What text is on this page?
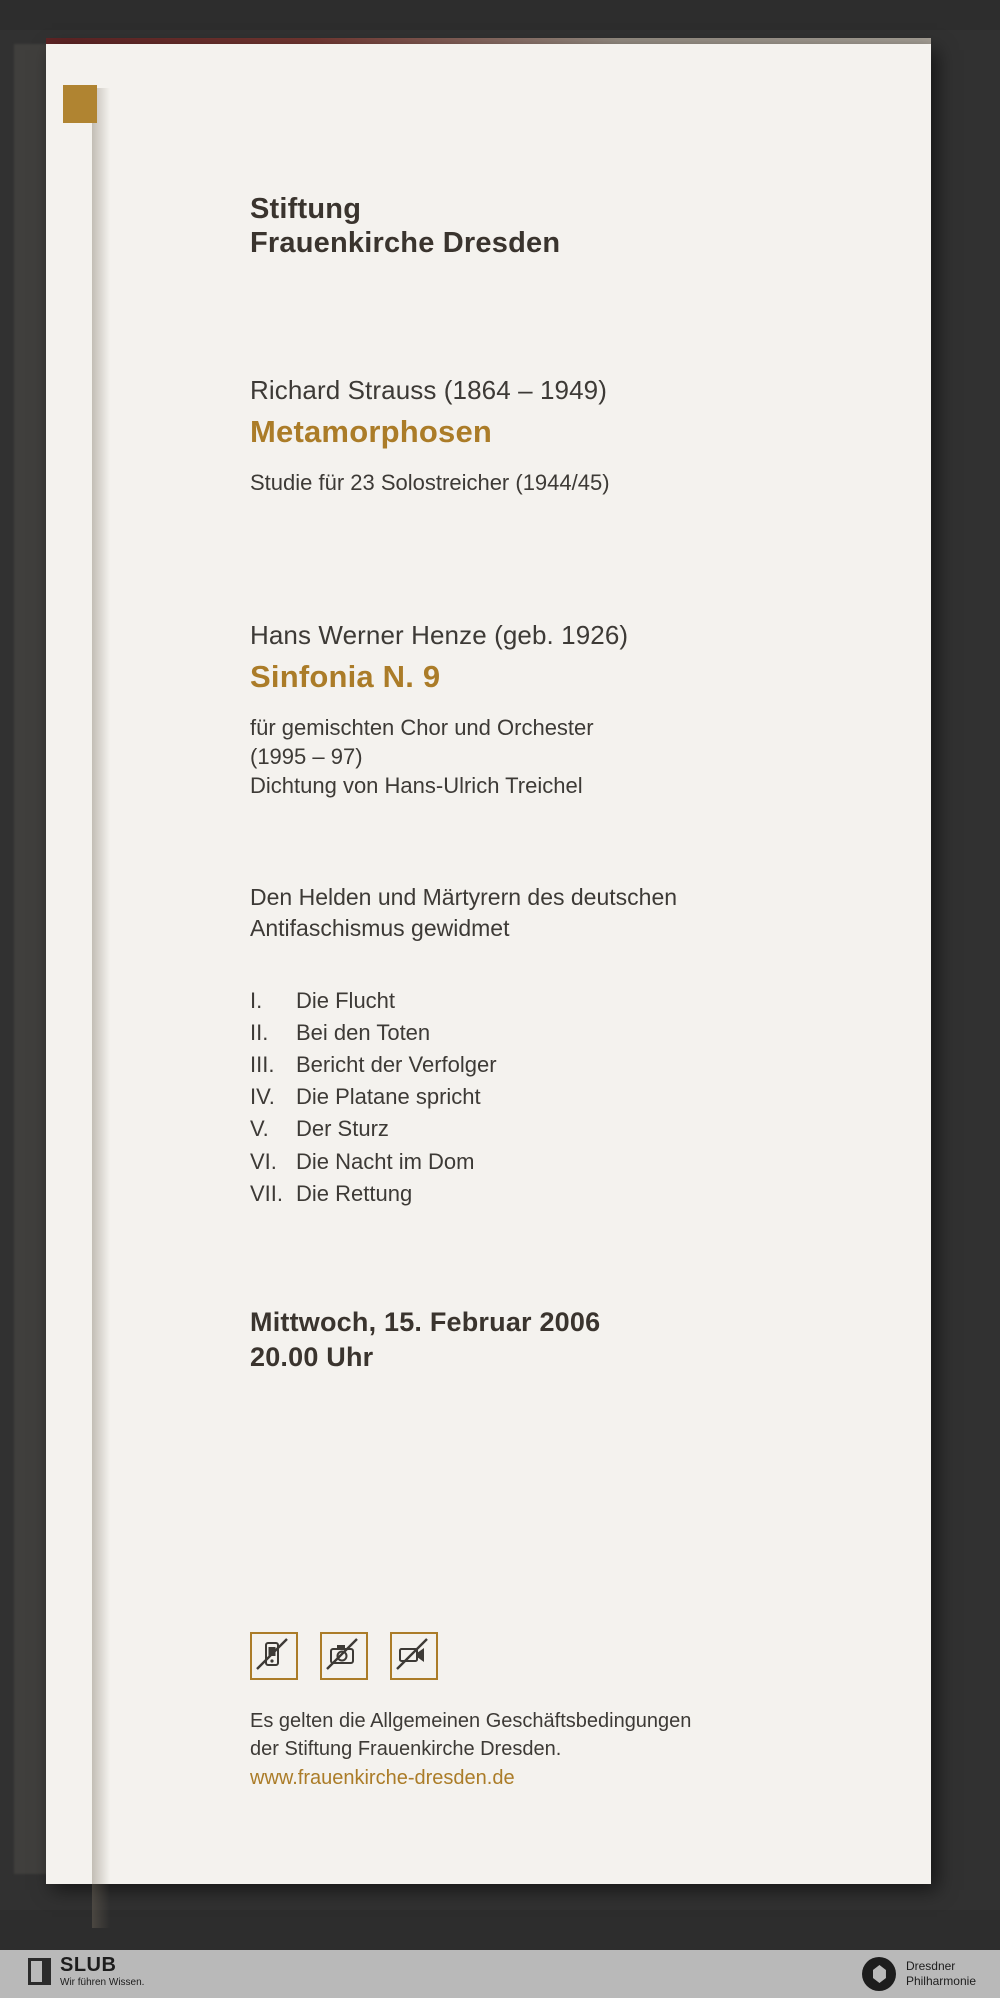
Stiftung
Frauenkirche Dresden
Richard Strauss (1864 – 1949)
Metamorphosen
Studie für 23 Solostreicher (1944/45)
Hans Werner Henze (geb. 1926)
Sinfonia N. 9
für gemischten Chor und Orchester
(1995 – 97)
Dichtung von Hans-Ulrich Treichel
Den Helden und Märtyrern des deutschen
Antifaschismus gewidmet
I.	Die Flucht
II.	Bei den Toten
III. Bericht der Verfolger
IV. Die Platane spricht
V.	Der Sturz
VI. Die Nacht im Dom
VII. Die Rettung
Mittwoch, 15. Februar 2006
20.00 Uhr
Es gelten die Allgemeinen Geschäftsbedingungen
der Stiftung Frauenkirche Dresden.
www.frauenkirche-dresden.de
SLUB
Wir führen Wissen.
Dresdner
Philharmonie
